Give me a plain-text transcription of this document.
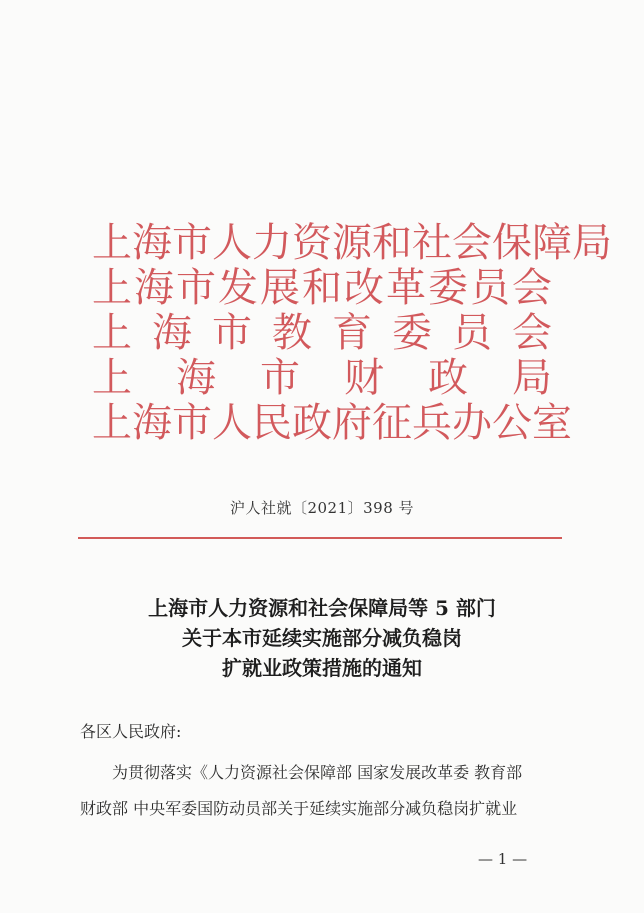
上海市人力资源和社会保障局
上海市发展和改革委员会
上海市教育委员会
上海市财政局
上海市人民政府征兵办公室
沪人社就〔2021〕398 号
上海市人力资源和社会保障局等 5 部门
关于本市延续实施部分减负稳岗
扩就业政策措施的通知
各区人民政府:
为贯彻落实《人力资源社会保障部 国家发展改革委 教育部
财政部 中央军委国防动员部关于延续实施部分减负稳岗扩就业
— 1 —
